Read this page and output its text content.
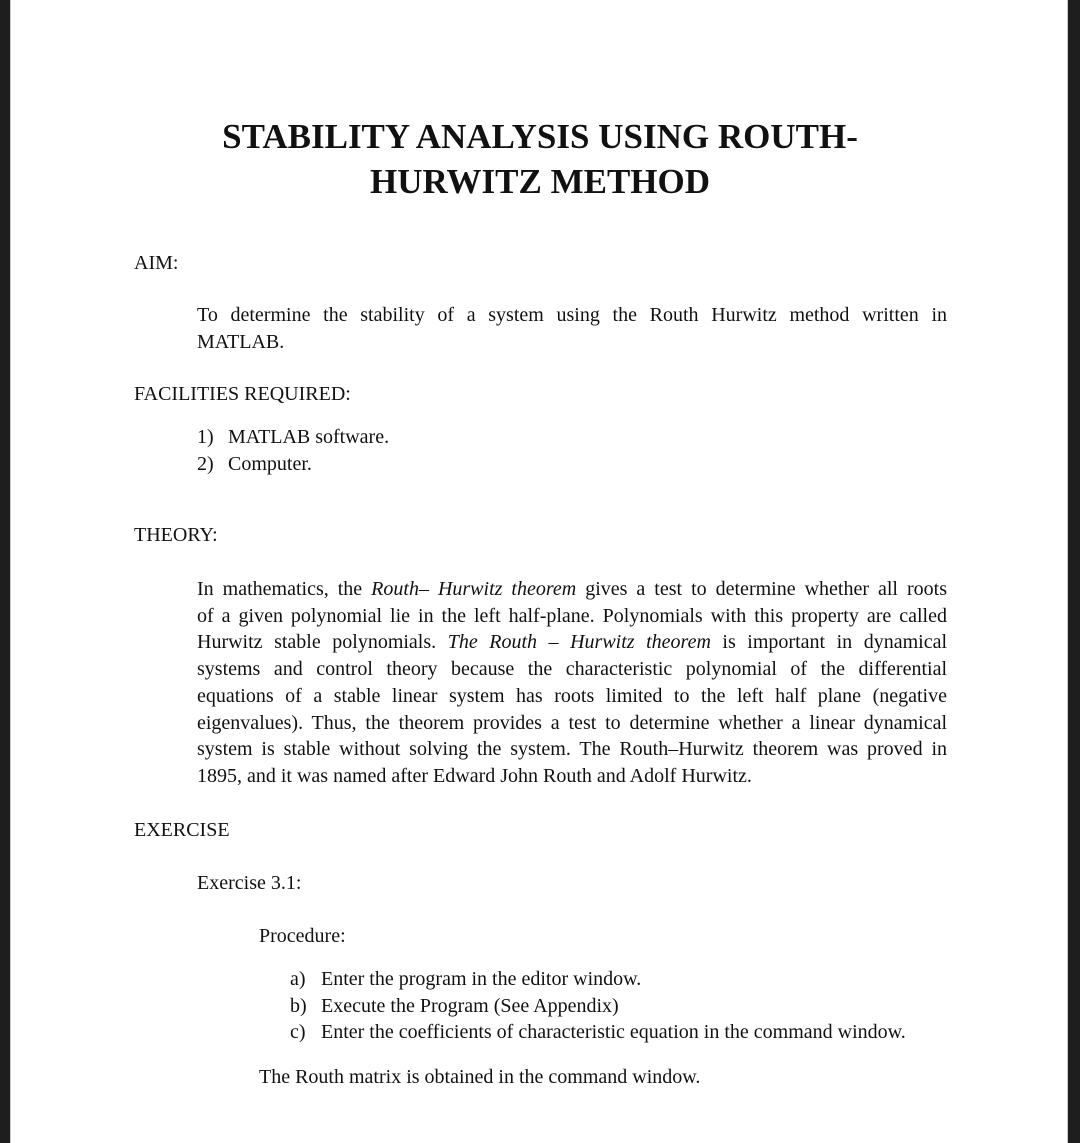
STABILITY ANALYSIS USING ROUTH-
HURWITZ METHOD
AIM:
To determine the stability of a system using the Routh Hurwitz method written in
MATLAB.
FACILITIES REQUIRED:
1) MATLAB software.
2) Computer.
THEORY:
In mathematics, the Routh– Hurwitz theorem gives a test to determine whether all roots
of a given polynomial lie in the left half-plane. Polynomials with this property are called
Hurwitz stable polynomials. The Routh – Hurwitz theorem is important in dynamical
systems and control theory because the characteristic polynomial of the differential
equations of a stable linear system has roots limited to the left half plane (negative
eigenvalues). Thus, the theorem provides a test to determine whether a linear dynamical
system is stable without solving the system. The Routh–Hurwitz theorem was proved in
1895, and it was named after Edward John Routh and Adolf Hurwitz.
EXERCISE
Exercise 3.1:
Procedure:
a) Enter the program in the editor window.
b) Execute the Program (See Appendix)
c) Enter the coefficients of characteristic equation in the command window.
The Routh matrix is obtained in the command window.
